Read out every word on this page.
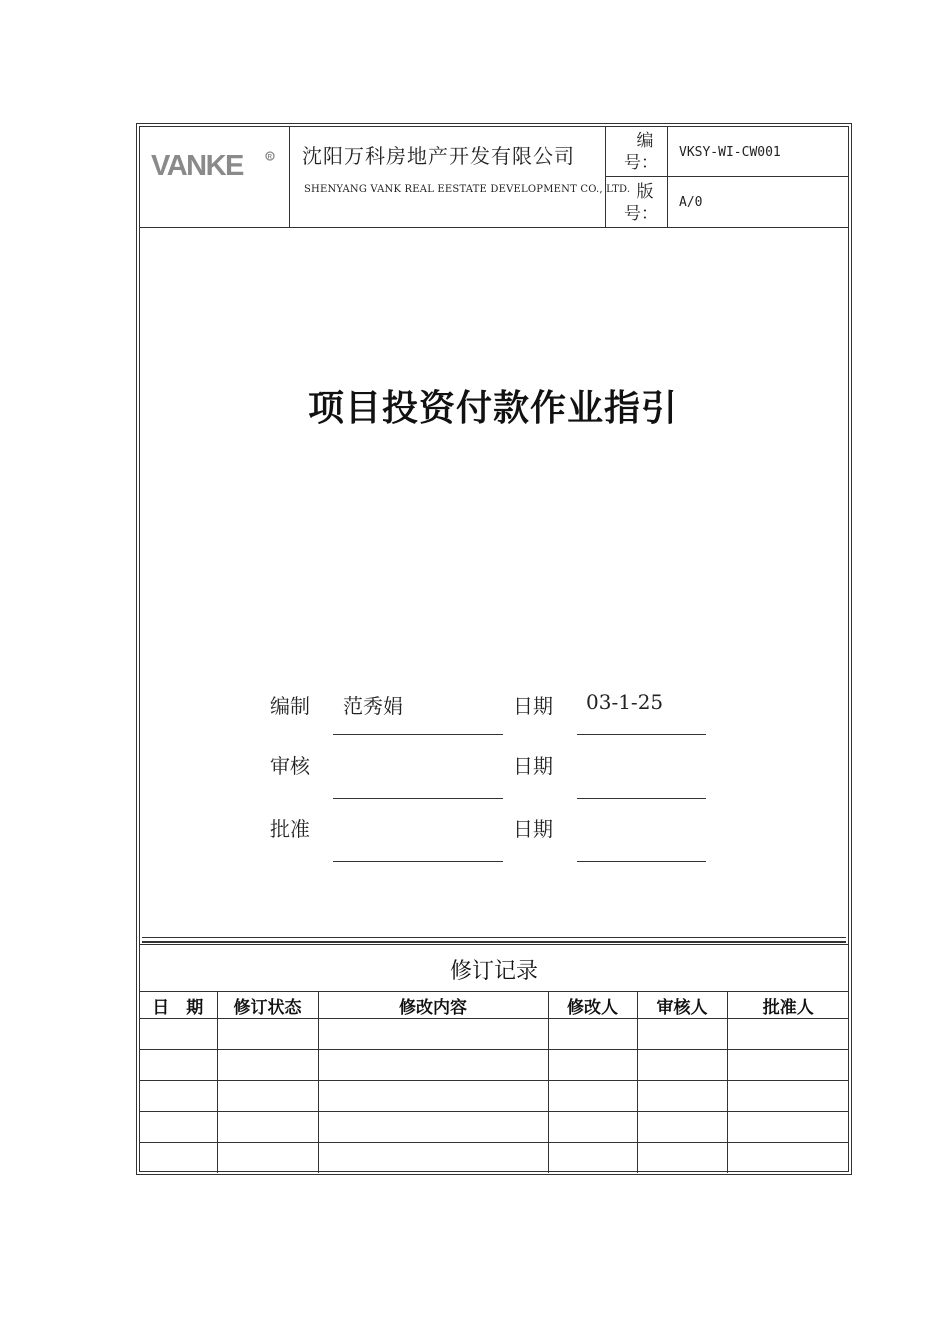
VANKE	R 沈阳万科房地产开发有限公司
SHENYANG VANK REAL EESTATE DEVELOPMENT CO., LTD.
编
号：
VKSY-WI-CW001
版
号：
A/0
项目投资付款作业指引
编制 范秀娟	日期 03-1-25
审核	日期
批准	日期
修订记录
日　期	修订状态	修改内容	修改人	审核人	批准人
